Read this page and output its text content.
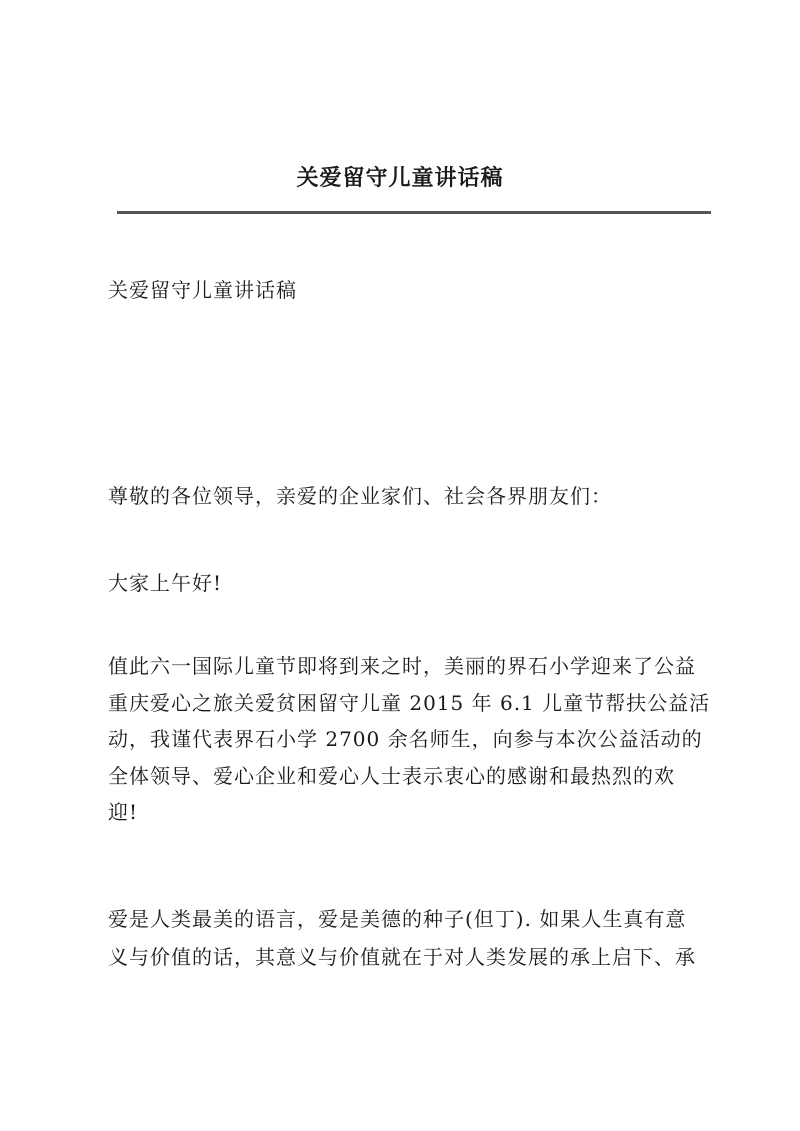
关爱留守儿童讲话稿

关爱留守儿童讲话稿

尊敬的各位领导，亲爱的企业家们、社会各界朋友们：

大家上午好!

值此六一国际儿童节即将到来之时，美丽的界石小学迎来了公益
重庆爱心之旅关爱贫困留守儿童 2015 年 6.1 儿童节帮扶公益活
动，我谨代表界石小学 2700 余名师生，向参与本次公益活动的
全体领导、爱心企业和爱心人士表示衷心的感谢和最热烈的欢
迎!

爱是人类最美的语言，爱是美德的种子(但丁). 如果人生真有意
义与价值的话，其意义与价值就在于对人类发展的承上启下、承
